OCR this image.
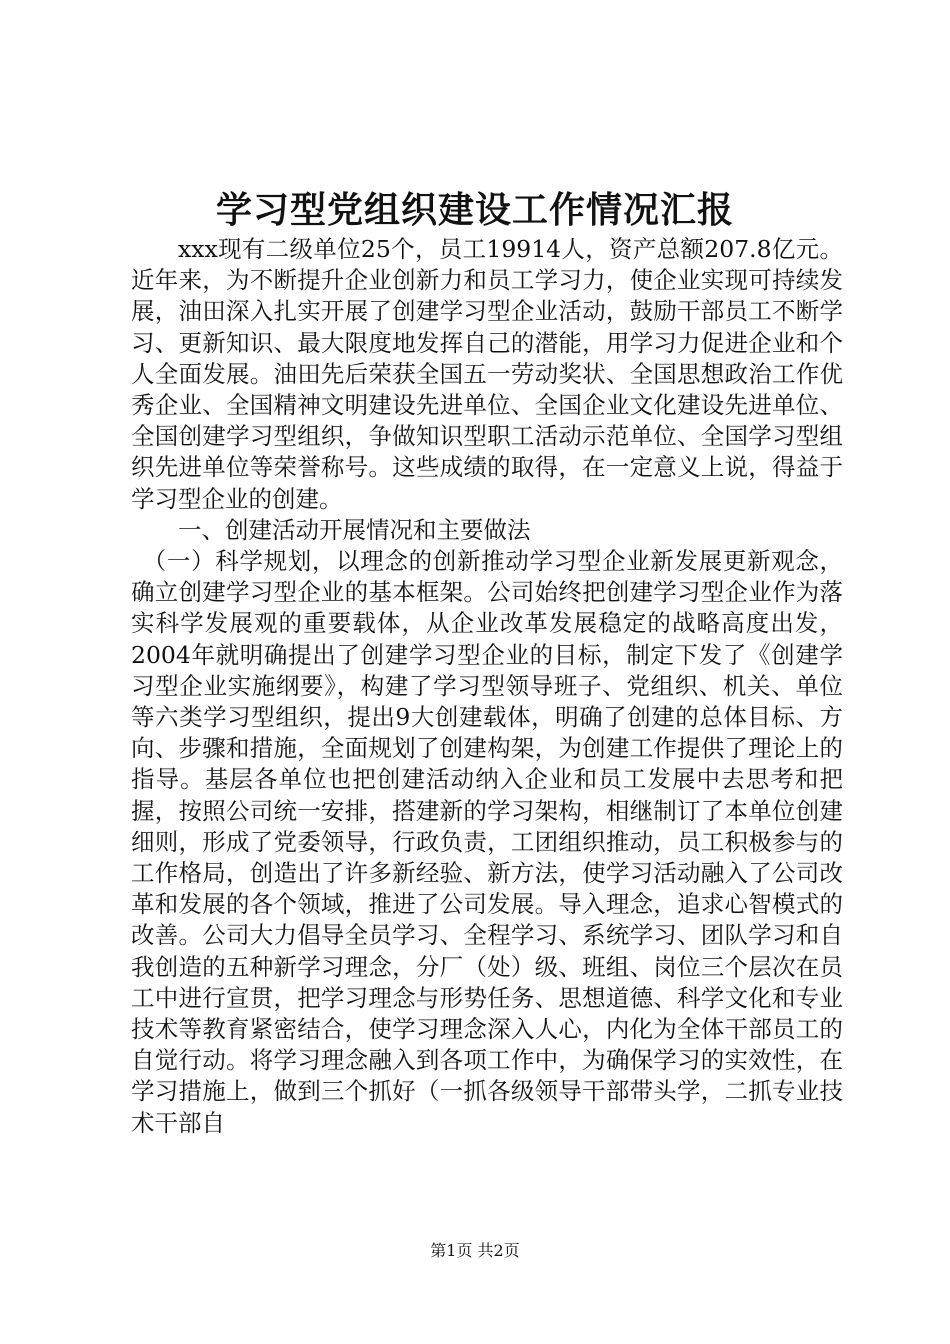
学习型党组织建设工作情况汇报

xxx现有二级单位25个，员工19914人，资产总额207.8亿元。近年来，为不断提升企业创新力和员工学习力，使企业实现可持续发展，油田深入扎实开展了创建学习型企业活动，鼓励干部员工不断学习、更新知识、最大限度地发挥自己的潜能，用学习力促进企业和个人全面发展。油田先后荣获全国五一劳动奖状、全国思想政治工作优秀企业、全国精神文明建设先进单位、全国企业文化建设先进单位、全国创建学习型组织，争做知识型职工活动示范单位、全国学习型组织先进单位等荣誉称号。这些成绩的取得，在一定意义上说，得益于学习型企业的创建。

一、创建活动开展情况和主要做法

（一）科学规划，以理念的创新推动学习型企业新发展更新观念，确立创建学习型企业的基本框架。公司始终把创建学习型企业作为落实科学发展观的重要载体，从企业改革发展稳定的战略高度出发，2004年就明确提出了创建学习型企业的目标，制定下发了《创建学习型企业实施纲要》，构建了学习型领导班子、党组织、机关、单位等六类学习型组织，提出9大创建载体，明确了创建的总体目标、方向、步骤和措施，全面规划了创建构架，为创建工作提供了理论上的指导。基层各单位也把创建活动纳入企业和员工发展中去思考和把握，按照公司统一安排，搭建新的学习架构，相继制订了本单位创建细则，形成了党委领导，行政负责，工团组织推动，员工积极参与的工作格局，创造出了许多新经验、新方法，使学习活动融入了公司改革和发展的各个领域，推进了公司发展。导入理念，追求心智模式的改善。公司大力倡导全员学习、全程学习、系统学习、团队学习和自我创造的五种新学习理念，分厂（处）级、班组、岗位三个层次在员工中进行宣贯，把学习理念与形势任务、思想道德、科学文化和专业技术等教育紧密结合，使学习理念深入人心，内化为全体干部员工的自觉行动。将学习理念融入到各项工作中，为确保学习的实效性，在学习措施上，做到三个抓好（一抓各级领导干部带头学，二抓专业技术干部自

第1页 共2页
